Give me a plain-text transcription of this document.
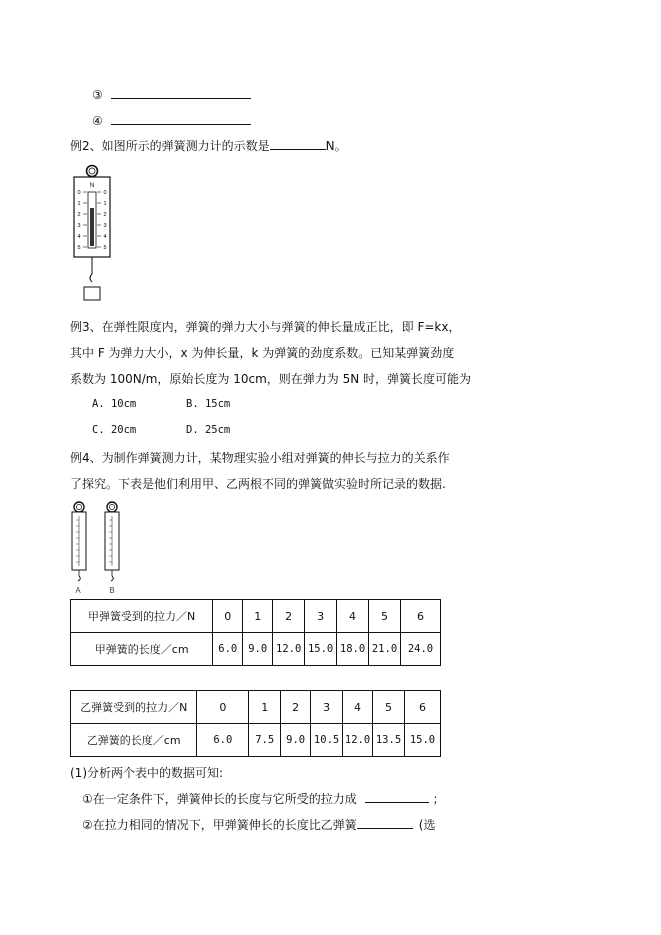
③
④
例2、如图所示的弹簧测力计的示数是	N。
N
0
1
2
3
4
5
0
1
2
3
4
5
例3、在弹性限度内，弹簧的弹力大小与弹簧的伸长量成正比，即 F=kx，
其中 F 为弹力大小，x 为伸长量，k 为弹簧的劲度系数。已知某弹簧劲度
系数为 100N/m，原始长度为 10cm，则在弹力为 5N 时，弹簧长度可能为
A. 10cm	B. 15cm
C. 20cm	D. 25cm
例4、为制作弹簧测力计，某物理实验小组对弹簧的伸长与拉力的关系作
了探究。下表是他们利用甲、乙两根不同的弹簧做实验时所记录的数据.
A	B
甲弹簧受到的拉力／N	0	1	2	3	4	5	6
甲弹簧的长度／cm	6.0	9.0	12.0	15.0	18.0	21.0	24.0
乙弹簧受到的拉力／N	0	1	2	3	4	5	6
乙弹簧的长度／cm	6.0	7.5	9.0	10.5	12.0	13.5	15.0
(1)分析两个表中的数据可知:
①在一定条件下，弹簧伸长的长度与它所受的拉力成	；
②在拉力相同的情况下，甲弹簧伸长的长度比乙弹簧	(选
